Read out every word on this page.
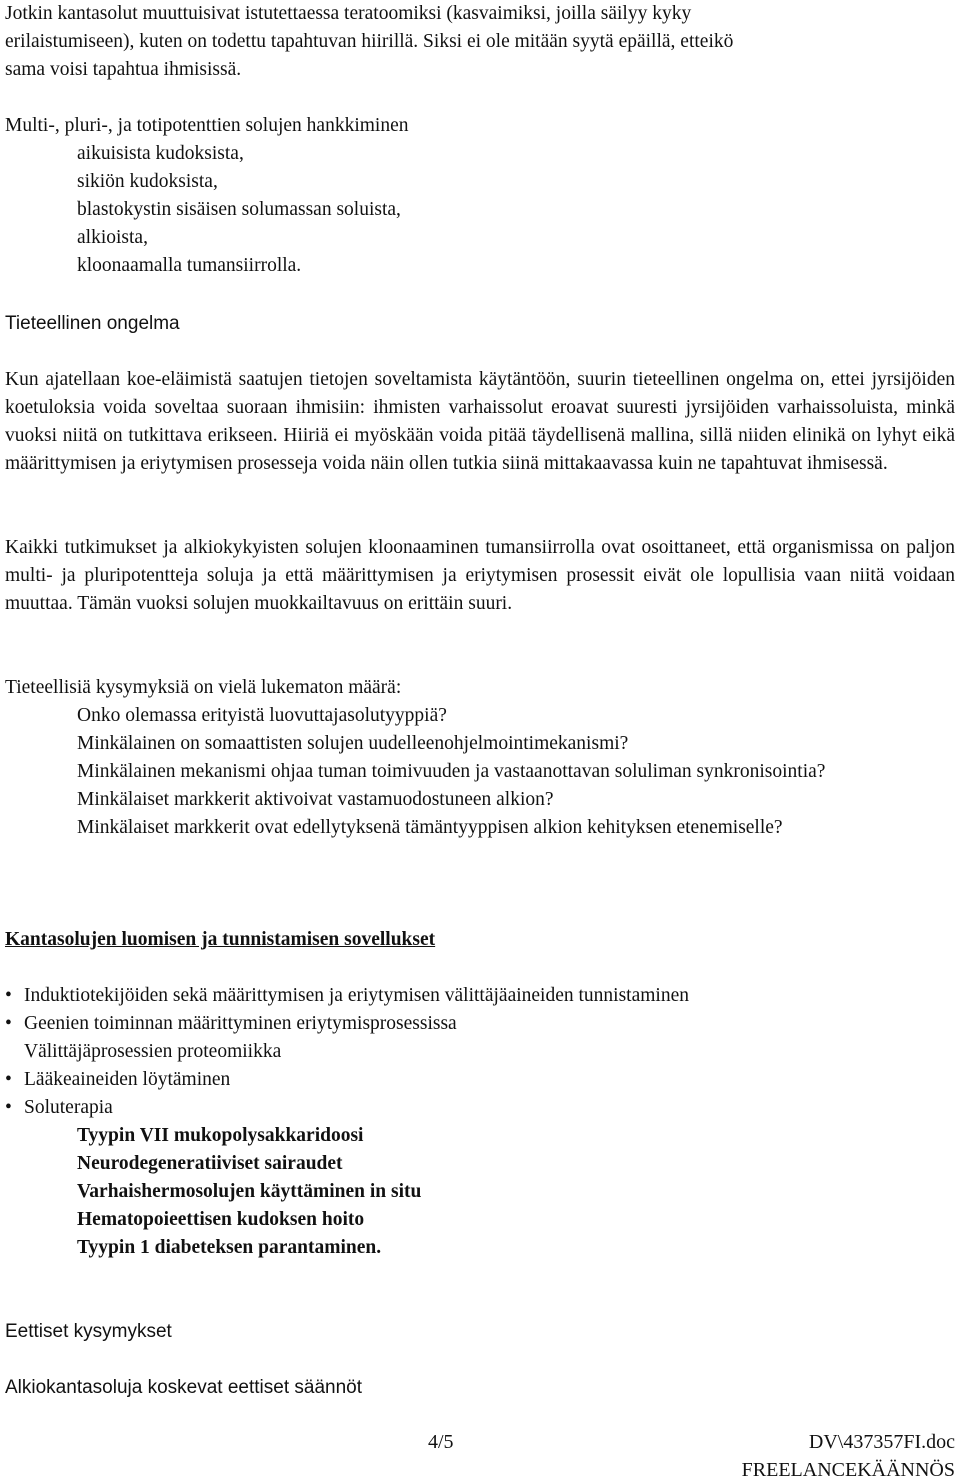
Jotkin kantasolut muuttuisivat istutettaessa teratoomiksi (kasvaimiksi, joilla säilyy kyky
erilaistumiseen), kuten on todettu tapahtuvan hiirillä. Siksi ei ole mitään syytä epäillä, etteikö
sama voisi tapahtua ihmisissä.
Multi-, pluri-, ja totipotenttien solujen hankkiminen
aikuisista kudoksista,
sikiön kudoksista,
blastokystin sisäisen solumassan soluista,
alkioista,
kloonaamalla tumansiirrolla.
Tieteellinen ongelma
Kun ajatellaan koe-eläimistä saatujen tietojen soveltamista käytäntöön, suurin tieteellinen ongelma on, ettei jyrsijöiden koetuloksia voida soveltaa suoraan ihmisiin: ihmisten varhaissolut eroavat suuresti jyrsijöiden varhaissoluista, minkä vuoksi niitä on tutkittava erikseen. Hiiriä ei myöskään voida pitää täydellisenä mallina, sillä niiden elinikä on lyhyt eikä määrittymisen ja eriytymisen prosesseja voida näin ollen tutkia siinä mittakaavassa kuin ne tapahtuvat ihmisessä.
Kaikki tutkimukset ja alkiokykyisten solujen kloonaaminen tumansiirrolla ovat osoittaneet, että organismissa on paljon multi- ja pluripotentteja soluja ja että määrittymisen ja eriytymisen prosessit eivät ole lopullisia vaan niitä voidaan muuttaa. Tämän vuoksi solujen muokkailtavuus on erittäin suuri.
Tieteellisiä kysymyksiä on vielä lukematon määrä:
Onko olemassa erityistä luovuttajasolutyyppiä?
Minkälainen on somaattisten solujen uudelleenohjelmointimekanismi?
Minkälainen mekanismi ohjaa tuman toimivuuden ja vastaanottavan soluliman synkronisointia?
Minkälaiset markkerit aktivoivat vastamuodostuneen alkion?
Minkälaiset markkerit ovat edellytyksenä tämäntyyppisen alkion kehityksen etenemiselle?
Kantasolujen luomisen ja tunnistamisen sovellukset
• Induktiotekijöiden sekä määrittymisen ja eriytymisen välittäjäaineiden tunnistaminen
• Geenien toiminnan määrittyminen eriytymisprosessissa
Välittäjäprosessien proteomiikka
• Lääkeaineiden löytäminen
• Soluterapia
Tyypin VII mukopolysakkaridoosi
Neurodegeneratiiviset sairaudet
Varhaishermosolujen käyttäminen in situ
Hematopoieettisen kudoksen hoito
Tyypin 1 diabeteksen parantaminen.
Eettiset kysymykset
Alkiokantasoluja koskevat eettiset säännöt
4/5	DV\437357FI.doc
FREELANCEKÄÄNNÖS
